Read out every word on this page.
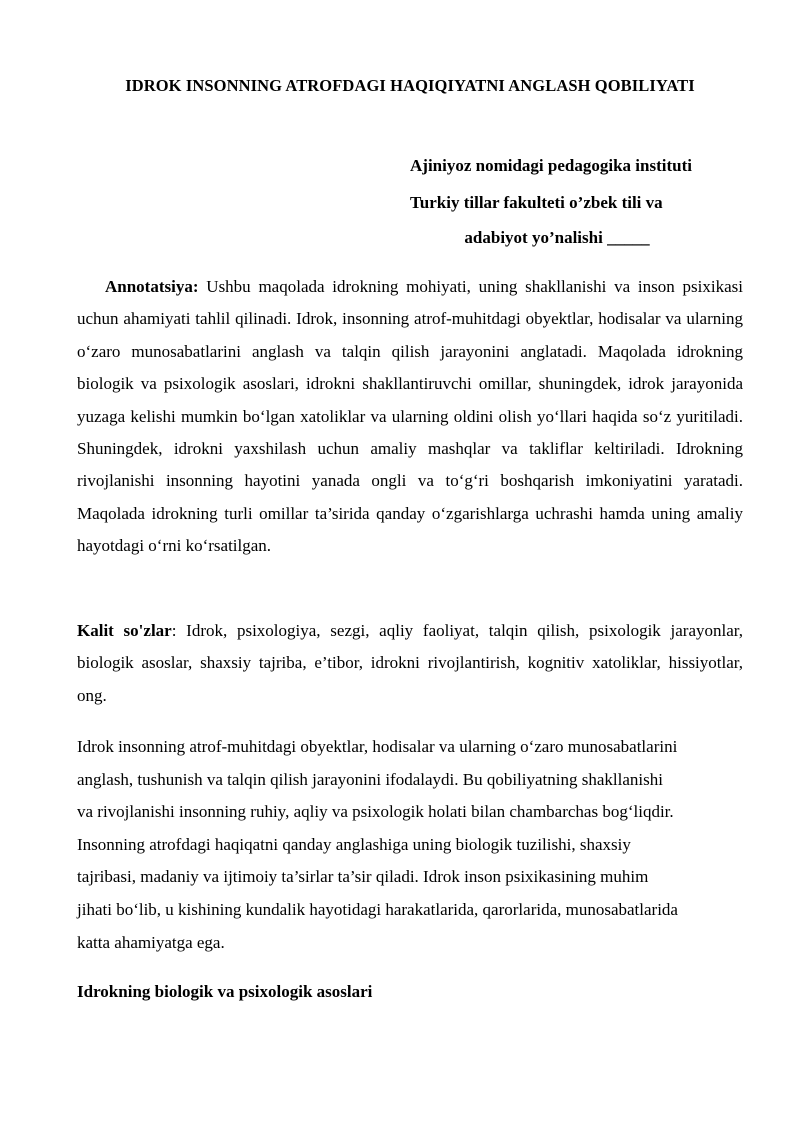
IDROK INSONNING ATROFDAGI HAQIQIYATNI ANGLASH QOBILIYATI
Ajiniyoz nomidagi pedagogika instituti
Turkiy tillar fakulteti o’zbek tili va
adabiyot yo’nalishi _____

Annotatsiya: Ushbu maqolada idrokning mohiyati, uning shakllanishi va inson psixikasi uchun ahamiyati tahlil qilinadi. Idrok, insonning atrof-muhitdagi obyektlar, hodisalar va ularning o‘zaro munosabatlarini anglash va talqin qilish jarayonini anglatadi. Maqolada idrokning biologik va psixologik asoslari, idrokni shakllantiruvchi omillar, shuningdek, idrok jarayonida yuzaga kelishi mumkin bo‘lgan xatoliklar va ularning oldini olish yo‘llari haqida so‘z yuritiladi. Shuningdek, idrokni yaxshilash uchun amaliy mashqlar va takliflar keltiriladi. Idrokning rivojlanishi insonning hayotini yanada ongli va to‘g‘ri boshqarish imkoniyatini yaratadi. Maqolada idrokning turli omillar ta’sirida qanday o‘zgarishlarga uchrashi hamda uning amaliy hayotdagi o‘rni ko‘rsatilgan.

Kalit so'zlar: Idrok, psixologiya, sezgi, aqliy faoliyat, talqin qilish, psixologik jarayonlar, biologik asoslar, shaxsiy tajriba, e’tibor, idrokni rivojlantirish, kognitiv xatoliklar, hissiyotlar, ong.

Idrok insonning atrof-muhitdagi obyektlar, hodisalar va ularning o‘zaro munosabatlarini
anglash, tushunish va talqin qilish jarayonini ifodalaydi. Bu qobiliyatning shakllanishi
va rivojlanishi insonning ruhiy, aqliy va psixologik holati bilan chambarchas bog‘liqdir.
Insonning atrofdagi haqiqatni qanday anglashiga uning biologik tuzilishi, shaxsiy
tajribasi, madaniy va ijtimoiy ta’sirlar ta’sir qiladi. Idrok inson psixikasining muhim
jihati bo‘lib, u kishining kundalik hayotidagi harakatlarida, qarorlarida, munosabatlarida
katta ahamiyatga ega.

Idrokning biologik va psixologik asoslari
